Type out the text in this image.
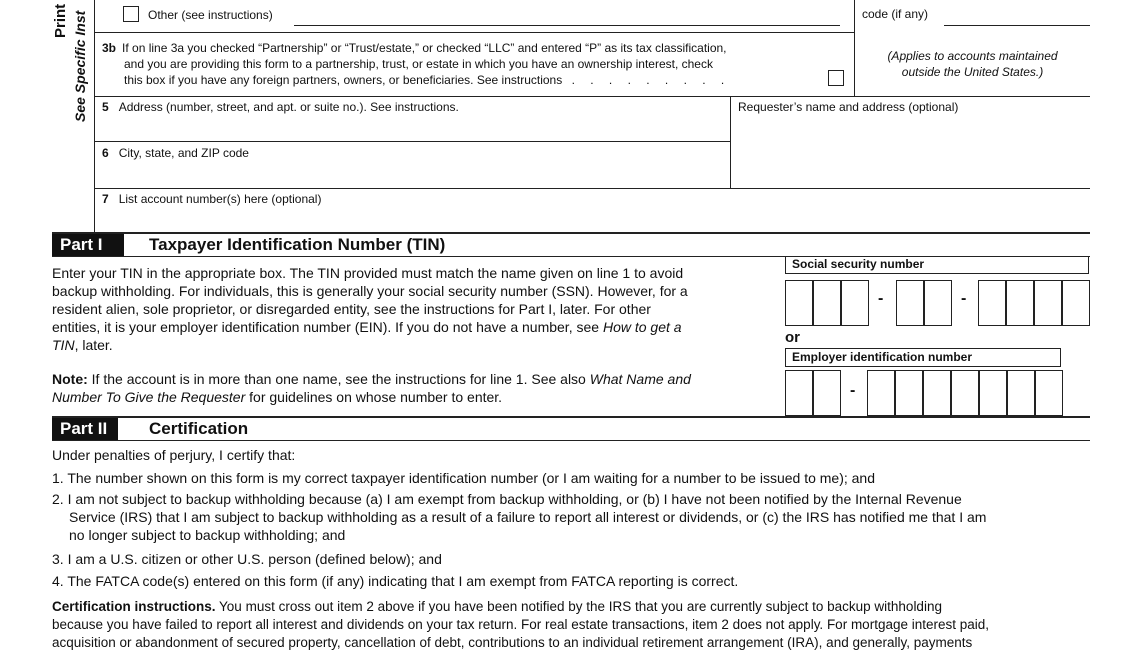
Print See Specific Inst	Other (see instructions)	code (if any)
3b If on line 3a you checked “Partnership” or “Trust/estate,” or checked “LLC” and entered “P” as its tax classification,
and you are providing this form to a partnership, trust, or estate in which you have an ownership interest, check
this box if you have any foreign partners, owners, or beneficiaries. See instructions . . . . . . . . .
(Applies to accounts maintained
outside the United States.)
5 Address (number, street, and apt. or suite no.). See instructions.	Requester’s name and address (optional)
6 City, state, and ZIP code
7 List account number(s) here (optional)
Part I	Taxpayer Identification Number (TIN)
Enter your TIN in the appropriate box. The TIN provided must match the name given on line 1 to avoid
backup withholding. For individuals, this is generally your social security number (SSN). However, for a
resident alien, sole proprietor, or disregarded entity, see the instructions for Part I, later. For other
entities, it is your employer identification number (EIN). If you do not have a number, see How to get a
TIN, later.
Note: If the account is in more than one name, see the instructions for line 1. See also What Name and
Number To Give the Requester for guidelines on whose number to enter.
Social security number
-	-
or
Employer identification number
-
Part II	Certification
Under penalties of perjury, I certify that:
1. The number shown on this form is my correct taxpayer identification number (or I am waiting for a number to be issued to me); and
2. I am not subject to backup withholding because (a) I am exempt from backup withholding, or (b) I have not been notified by the Internal Revenue
Service (IRS) that I am subject to backup withholding as a result of a failure to report all interest or dividends, or (c) the IRS has notified me that I am
no longer subject to backup withholding; and
3. I am a U.S. citizen or other U.S. person (defined below); and
4. The FATCA code(s) entered on this form (if any) indicating that I am exempt from FATCA reporting is correct.
Certification instructions. You must cross out item 2 above if you have been notified by the IRS that you are currently subject to backup withholding
because you have failed to report all interest and dividends on your tax return. For real estate transactions, item 2 does not apply. For mortgage interest paid,
acquisition or abandonment of secured property, cancellation of debt, contributions to an individual retirement arrangement (IRA), and generally, payments
